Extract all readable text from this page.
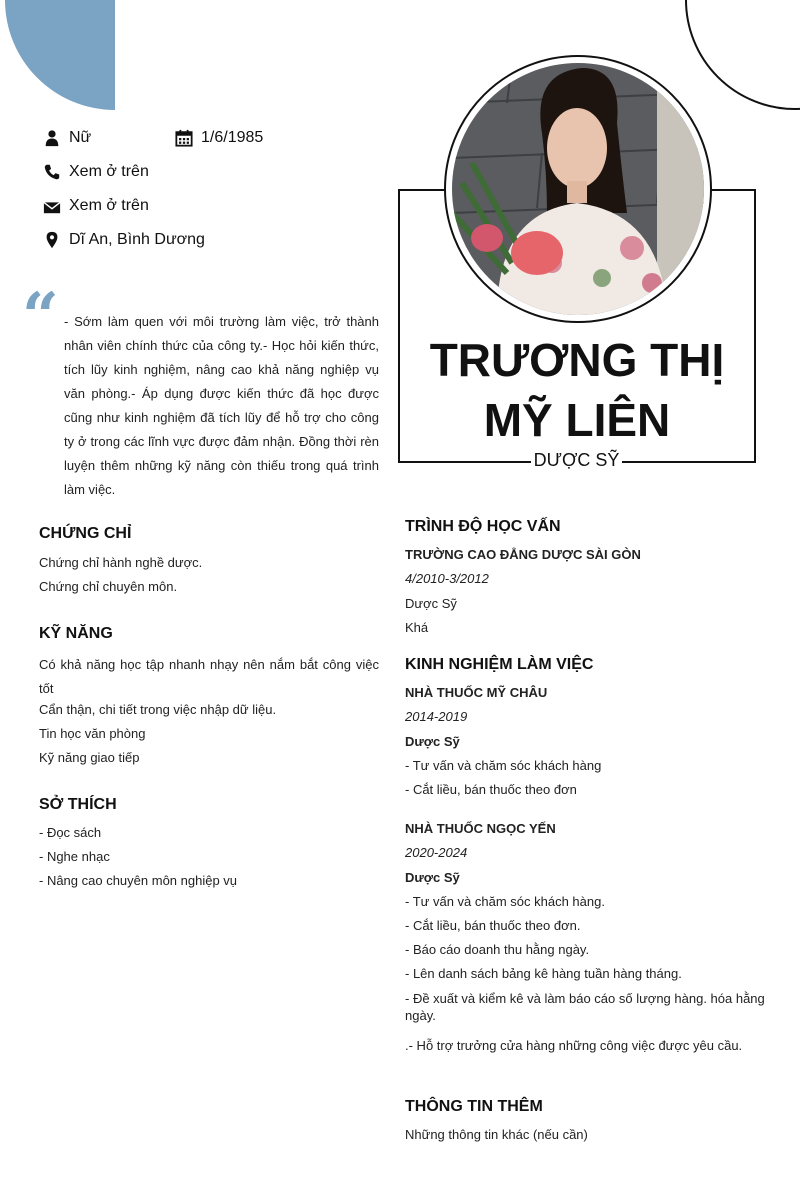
Nữ	1/6/1985
Xem ở trên
Xem ở trên
Dĩ An, Bình Dương
“ - Sớm làm quen với môi trường làm việc, trở thành nhân viên chính thức của công ty.- Học hỏi kiến thức, tích lũy kinh nghiệm, nâng cao khả năng nghiệp vụ văn phòng.- Áp dụng được kiến thức đã học được cũng như kinh nghiệm đã tích lũy để hỗ trợ cho công ty ở trong các lĩnh vực được đảm nhận. Đồng thời rèn luyện thêm những kỹ năng còn thiếu trong quá trình làm việc.
CHỨNG CHỈ
Chứng chỉ hành nghề dược.
Chứng chỉ chuyên môn.
KỸ NĂNG
Có khả năng học tập nhanh nhạy nên nắm bắt công việc tốt
Cẩn thận, chi tiết trong việc nhập dữ liệu.
Tin học văn phòng
Kỹ năng giao tiếp
SỞ THÍCH
- Đọc sách
- Nghe nhạc
- Nâng cao chuyên môn nghiệp vụ
TRƯƠNG THỊ
MỸ LIÊN
DƯỢC SỸ
TRÌNH ĐỘ HỌC VẤN
TRƯỜNG CAO ĐẲNG DƯỢC SÀI GÒN
4/2010-3/2012
Dược Sỹ
Khá
KINH NGHIỆM LÀM VIỆC
NHÀ THUỐC MỸ CHÂU
2014-2019
Dược Sỹ
- Tư vấn và chăm sóc khách hàng
- Cắt liều, bán thuốc theo đơn
NHÀ THUỐC NGỌC YẾN
2020-2024
Dược Sỹ
- Tư vấn và chăm sóc khách hàng.
- Cắt liều, bán thuốc theo đơn.
- Báo cáo doanh thu hằng ngày.
- Lên danh sách bảng kê hàng tuần hàng tháng.
- Đề xuất và kiểm kê và làm báo cáo số lượng hàng. hóa hằng ngày.
.- Hỗ trợ trưởng cửa hàng những công việc được yêu cầu.
THÔNG TIN THÊM
Những thông tin khác (nếu cần)
